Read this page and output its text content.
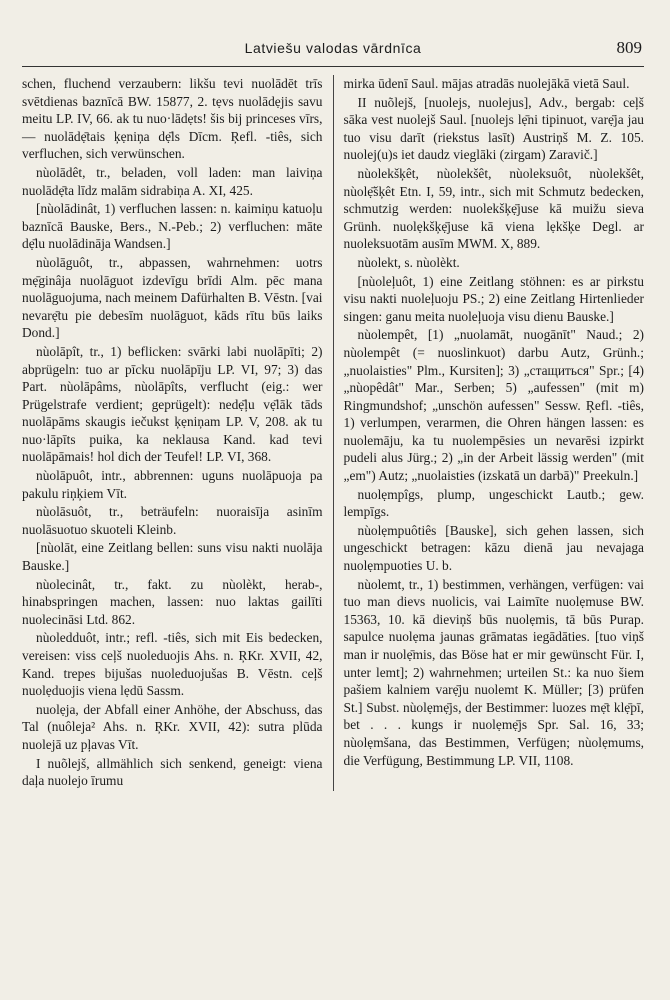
Latviešu valodas vārdnīca	809

schen, fluchend verzaubern: likšu tevi nuolādēt trīs svētdienas baznīcā BW. 15877, 2. tẹvs nuolādẹjis savu meitu LP. IV, 66. ak tu nuo·lādẹts! šis bij princeses vīrs, — nuolādẹ̄tais ķẹniņa dẹ̄ls Dīcm. Ŗefl. -tiês, sich verfluchen, sich verwünschen.

nùolādêt, tr., beladen, voll laden: man laiviņa nuolādẹ̄ta līdz malām sidrabiņa A. XI, 425.

[nùolādinât, 1) verfluchen lassen: n. kaimiņu katuoļu baznīcā Bauske, Bers., N.-Peb.; 2) verfluchen: māte dẹ̄lu nuolādināja Wandsen.]

nùolāguôt, tr., abpassen, wahrnehmen: uotrs mẹ̄ginâja nuolāguot izdevīgu brīdi Alm. pēc mana nuolāguojuma, nach meinem Dafürhalten B. Vēstn. [vai nevarẹ̄tu pie debesīm nuolāguot, kāds rītu būs laiks Dond.]

nùolāpît, tr., 1) beflicken: svārki labi nuolāpīti; 2) abprügeln: tuo ar pīcku nuolāpīju LP. VI, 97; 3) das Part. nùolāpâms, nùolāpîts, verflucht (eig.: wer Prügelstrafe verdient; geprügelt): nedẹ̄ļu vẹ̄lāk tāds nuolāpāms skaugis iečukst ķẹniņam LP. V, 208. ak tu nuo·lāpīts puika, ka neklausa Kand. kad tevi nuolāpāmais! hol dich der Teufel! LP. VI, 368.

nùolāpuôt, intr., abbrennen: uguns nuolāpuoja pa pakulu riņķiem Vīt.

nùolāsuôt, tr., beträufeln: nuoraisīja asinīm nuolāsuotuo skuoteli Kleinb.

[nùolāt, eine Zeitlang bellen: suns visu nakti nuolāja Bauske.]

nùolecinât, tr., fakt. zu nùolèkt, herab-, hinabspringen machen, lassen: nuo laktas gailīti nuolecināsi Ltd. 862.

nùoledduôt, intr.; refl. -tiês, sich mit Eis bedecken, vereisen: viss ceļš nuoleduojis Ahs. n. ŖKr. XVII, 42, Kand. trepes bijušas nuoleduojušas B. Vēstn. ceļš nuolẹduojis viena lẹdū Sassm.

nuolẹja, der Abfall einer Anhöhe, der Abschuss, das Tal (nuôleja² Ahs. n. ŖKr. XVII, 42): sutra plūda nuolejā uz pļavas Vīt.

I nuõlejš, allmählich sich senkend, geneigt: viena daļa nuolejo īrumu

mirka ūdenī Saul. mājas atradās nuolejākā vietā Saul.

II nuõlejš, [nuolejs, nuolejus], Adv., bergab: ceļš sāka vest nuolejš Saul. [nuolejs lẹ̄ni tipinuot, varẹ̄ja jau tuo visu darīt (riekstus lasīt) Austriņš M. Z. 105. nuolej(u)s iet daudz vieglāki (zirgam) Zaravič.]

nùolekšķêt, nùolekšêt, nùoleksuôt, nùolekšêt, nùolẹ̄šķêt Etn. I, 59, intr., sich mit Schmutz bedecken, schmutzig werden: nuolekšķẹ̄juse kā muižu sieva Grünh. nuolẹkšķẹ̄juse kā viena lẹkšķe Degl. ar nuoleksuotām ausīm MWM. X, 889.

nùolekt, s. nùolèkt.

[nùoleļuôt, 1) eine Zeitlang stöhnen: es ar pirkstu visu nakti nuoleļuoju PS.; 2) eine Zeitlang Hirtenlieder singen: ganu meita nuoleļuoja visu dienu Bauske.]

nùolempêt, [1) „nuolamāt, nuogānīt" Naud.; 2) nùolempêt (= nuoslinkuot) darbu Autz, Grünh.; „nuolaisties" Plm., Kursiten]; 3) „стащиться" Spr.; [4) „nùopêdât" Mar., Serben; 5) „aufessen" (mit m) Ringmundshof; „unschön aufessen" Sessw. Ŗefl. -tiês, 1) verlumpen, verarmen, die Ohren hängen lassen: es nuolemāju, ka tu nuolempēsies un nevarēsi izpirkt pudeli alus Jürg.; 2) „in der Arbeit lässig werden" (mit „em") Autz; „nuolaisties (izskatā un darbā)" Preekuln.]

nuolẹmpîgs, plump, ungeschickt Lautb.; gew. lempīgs.

nùolẹmpuôtiês [Bauske], sich gehen lassen, sich ungeschickt betragen: kāzu dienā jau nevajaga nuolẹmpuoties U. b.

nùolemt, tr., 1) bestimmen, verhängen, verfügen: vai tuo man dievs nuolicis, vai Laimīte nuolẹmuse BW. 15363, 10. kā dieviņš būs nuolẹmis, tā būs Purap. sapulce nuolẹma jaunas grāmatas iegādāties. [tuo viņš man ir nuolẹ̄mis, das Böse hat er mir gewünscht Für. I, unter lemt]; 2) wahrnehmen; urteilen St.: ka nuo šiem pašiem kalniem varẹ̄ju nuolemt K. Müller; [3) prüfen St.] Subst. nùolẹmẹ̄js, der Bestimmer: luozes mẹ̄t klẹ̄pī, bet . . . kungs ir nuolẹmẹ̄js Spr. Sal. 16, 33; nùolẹmšana, das Bestimmen, Verfügen; nùolẹmums, die Verfügung, Bestimmung LP. VII, 1108.
